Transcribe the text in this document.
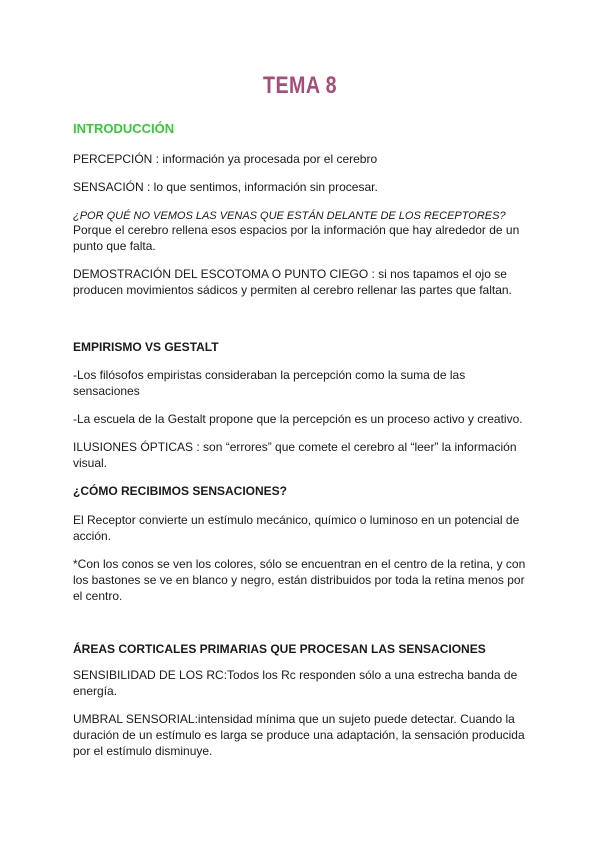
TEMA 8
INTRODUCCIÓN
PERCEPCIÓN : información ya procesada por el cerebro
SENSACIÓN : lo que sentimos, información sin procesar.
¿POR QUÉ NO VEMOS LAS VENAS QUE ESTÁN DELANTE DE LOS RECEPTORES?
Porque el cerebro rellena esos espacios por la información que hay alrededor de un punto que falta.
DEMOSTRACIÓN DEL ESCOTOMA O PUNTO CIEGO : si nos tapamos el ojo se producen movimientos sádicos y permiten al cerebro rellenar las partes que faltan.
EMPIRISMO VS GESTALT
-Los filósofos empiristas consideraban la percepción como la suma de las sensaciones
-La escuela de la Gestalt propone que la percepción es un proceso activo y creativo.
ILUSIONES ÓPTICAS : son “errores” que comete el cerebro al “leer” la información visual.
¿CÓMO RECIBIMOS SENSACIONES?
El Receptor convierte un estímulo mecánico, químico o luminoso en un potencial de acción.
*Con los conos se ven los colores, sólo se encuentran en el centro de la retina, y con los bastones se ve en blanco y negro, están distribuidos por toda la retina menos por el centro.
ÁREAS CORTICALES PRIMARIAS QUE PROCESAN LAS SENSACIONES
SENSIBILIDAD DE LOS RC:Todos los Rc responden sólo a una estrecha banda de energía.
UMBRAL SENSORIAL:intensidad mínima que un sujeto puede detectar. Cuando la duración de un estímulo es larga se produce una adaptación, la sensación producida por el estímulo disminuye.
